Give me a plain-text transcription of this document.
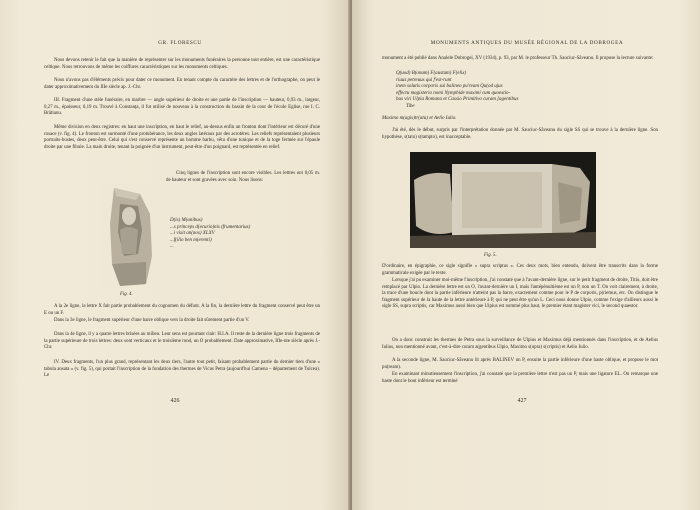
GR. FLORESCU

Nous devons retenir le fait que la manière de représenter sur les monuments funéraires la personne tout entière, est une caractéristique celtique. Nous retrouvons de même les coiffures caractéristiques sur les monuments celtiques.

Nous n'avons pas d'éléments précis pour dater ce monument. En tenant compte du caractère des lettres et de l'orthographe, on peut le dater approximativement du IIIe siècle ap. J.-Chr.

III. Fragment d'une stèle funéraire, en marbre — angle supérieur de droite et une partie de l'inscription — hauteur, 0,93 m., largeur, 0,27 m., épaisseur, 0,19 m. Trouvé à Constanța, il fut utilisé de nouveau à la construction du bassin de la cour de l'école Eglise, rue I. C. Brătianu.

Même division en deux registres: en haut une inscription, en haut le relief, au-dessus enfin un fronton dont l'intérieur est décoré d'une rosace (v. fig. 4). Le fronton est surmonté d'une protubérance, les deux angles latéraux par des acrotères. Les reliefs représentaient plusieurs portraits-bustes, deux peut-être. Celui qui s'est conservé représente un homme barbu, vêtu d'une tunique et de la toge fermée sur l'épaule droite par une fibule. La main droite, tenant la poignée d'un instrument, peut-être d'un poignard, est représentée en relief.

Cinq lignes de l'inscription sont encore visibles. Les lettres ont 0,05 m. de hauteur et sont gravées avec soin. Nous lisons:

Fig. 4.
D(is) M(anibus)
...s princeps d(ecurio)nis (frumentarius)
...i vixit an(nos) XLXV
...f(ilio ben m(erenti)
...

A la 2e ligne, la lettre X fait partie probablement du cognomen du défunt. A la fin, la dernière lettre du fragment conservé peut être un E ou un F.

Dans la 3e ligne, le fragment supérieur d'une barre oblique vers la droite fait sûrement partie d'un V.

Dans la 4e ligne, il y a quatre lettres brisées au milieu. Leur sens est pourtant clair: H.I.A. Il reste de la dernière ligne trois fragments de la partie supérieure de trois lettres: deux sont verticaux et le troisième rond, un O probablement. Date approximative, IIIe-nte siècle après J.-Chr.

IV. Deux fragments, l'un plus grand, représentant les deux tiers, l'autre tout petit, faisant probablement partie du dernier tiers d'une « tabula ansata » (v. fig. 5), qui portait l'inscription de la fondation des thermes de Vicus Petra (aujourd'hui Camena – département de Tulcea). Le

426
MONUMENTS ANTIQUES DU MUSÉE RÉGIONAL DE LA DOBROGEA

monument a été publié dans Analele Dobrogei, XV (1934), p. 93, par M. le professeur Th. Sauciuc-Săveanu. Il propose la lecture suivante:

Q(uod) B(onum) F(austum) F(elix)
riuus petreuus qui f'est-runt
inem solutis corporis sui balineo pu'ream Qu(od ujus
effectu magisterio nomi Nymphide maximi cum quoestio-
bus vici Ulpia Romana et Cassio Primitivo curam [agentibus
Tibe
Maximo m(agis)tr(atu) et Aelio Iulio.

J'ai été, dès le début, surpris par l'interprétation donnée par M. Sauciuc-Săveanu du sigle SS qui se trouve à la dernière ligne. Son hypothèse, s(tatu) s(tampto), est inacceptable.

Fig. 5.

D'ordinaire, en épigraphie, ce sigle signifie « supra scriptus ». Ces deux mots, bien entendu, doivent être transcrits dans la forme grammaticale exigée par le texte.

Lorsque j'ai pu examiner moi-même l'inscription, j'ai constaté que à l'avant-dernière ligne, sur le petit fragment de droite, Titio, doit être remplacé par Ulpio. La dernière lettre est un O, l'avant-dernière un I, mais l'antépénultième est un P, non un T. On voit clairement, à droite, la trace d'une boucle dont la partie inférieure n'atteint pas la barre, exactement comme pour le P de corporis, p(riemus, etc. On distingue le fragment supérieur de la haute de la lettre antérieure à P, qui ne peut être qu'un L. Ceci nous donne Ulpio, comme l'exige d'ailleurs aussi le sigle SS, supra scriptis, car Maximus aussi bien que Ulpius est nommé plus haut, le premier étant magister vici, le second quaestor.

On a donc construit les thermes de Petra sous la surveillance de Ulpius et Maximus déjà mentionnés dans l'inscription, et de Aelius Iulius, non mentionné avant, c'est-à-dire curam a(gentibus Ulpio, Maximo s(upra) s(criptis) et Aelio Iulio.

A la seconde ligne, M. Sauciuc-Săveanu lit après BALINEV un P, ensuite la partie inférieure d'une haste oblique, et propose le mot pu(ream).

En examinant minutieusement l'inscription, j'ai constaté que la première lettre n'est pas un P, mais une ligature EL. On remarque une haste dont le bout inférieur est terminé

427
